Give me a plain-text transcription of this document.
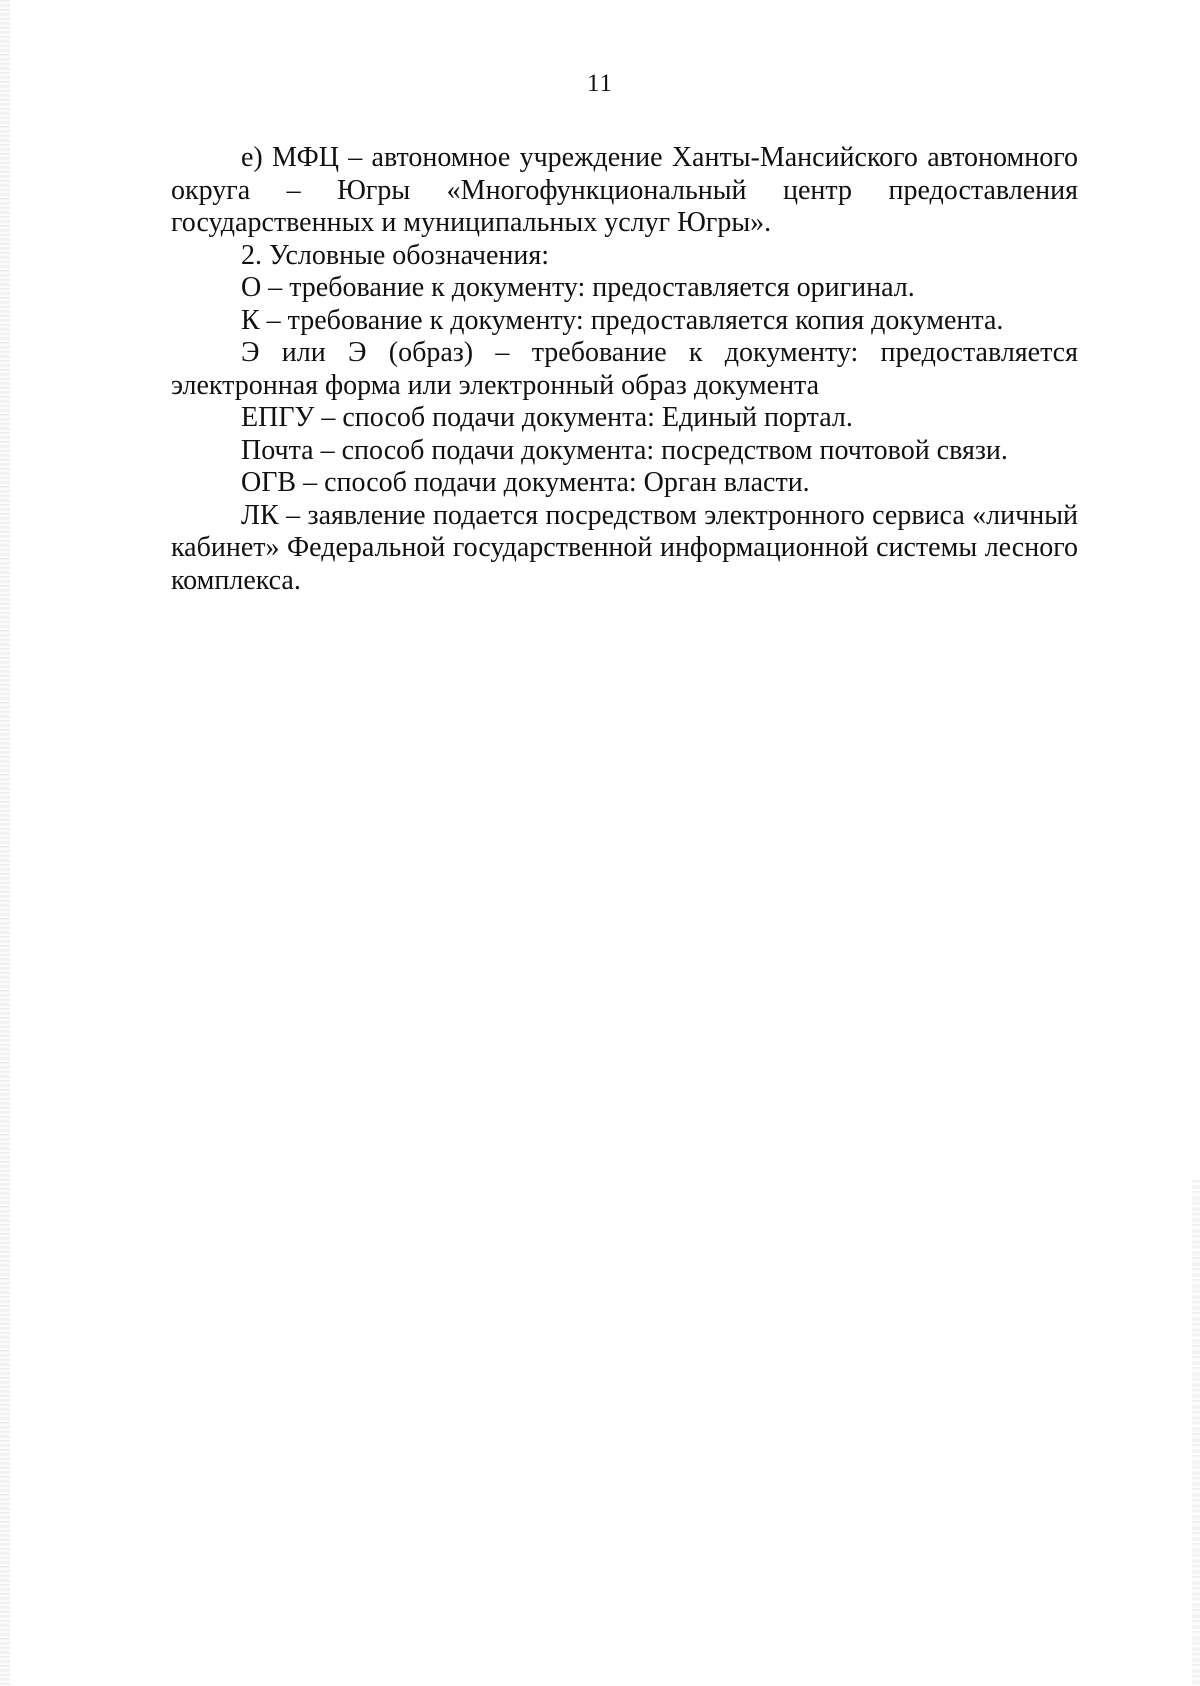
11

е) МФЦ – автономное учреждение Ханты-Мансийского автономного округа – Югры «Многофункциональный центр предоставления государственных и муниципальных услуг Югры».

2. Условные обозначения:

О – требование к документу: предоставляется оригинал.

К – требование к документу: предоставляется копия документа.

Э или Э (образ) – требование к документу: предоставляется электронная форма или электронный образ документа

ЕПГУ – способ подачи документа: Единый портал.

Почта – способ подачи документа: посредством почтовой связи.

ОГВ – способ подачи документа: Орган власти.

ЛК – заявление подается посредством электронного сервиса «личный кабинет» Федеральной государственной информационной системы лесного комплекса.
